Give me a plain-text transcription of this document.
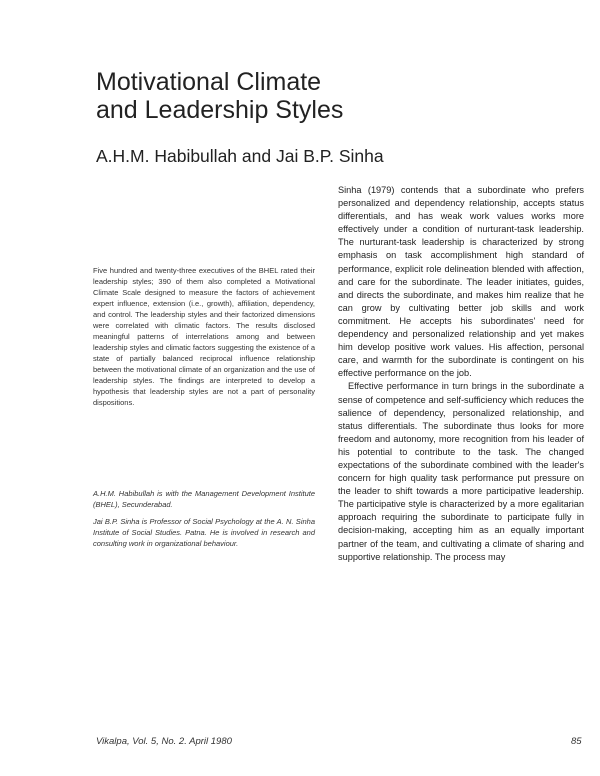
Motivational Climate
and Leadership Styles
A.H.M. Habibullah and Jai B.P. Sinha

Five hundred and twenty-three executives of the BHEL rated their leadership styles; 390 of them also completed a Motivational Climate Scale designed to measure the factors of achievement expert influence, extension (i.e., growth), affiliation, dependency, and control. The leadership styles and their factorized dimensions were correlated with climatic factors. The results disclosed meaningful patterns of interrelations among and between leadership styles and climatic factors suggesting the existence of a state of partially balanced reciprocal influence relationship between the motivational climate of an organization and the use of leadership styles. The findings are interpreted to develop a hypothesis that leadership styles are not a part of personality dispositions.

A.H.M. Habibullah is with the Management Development Institute (BHEL), Secunderabad.

Jai B.P. Sinha is Professor of Social Psychology at the A. N. Sinha Institute of Social Studies. Patna. He is involved in research and consulting work in organizational behaviour.

Sinha (1979) contends that a subordinate who prefers personalized and dependency relationship, accepts status differentials, and has weak work values works more effectively under a condition of nurturant-task leadership. The nurturant-task leadership is characterized by strong emphasis on task accomplishment high standard of performance, explicit role delineation blended with affection, and care for the subordinate. The leader initiates, guides, and directs the subordinate, and makes him realize that he can grow by cultivating better job skills and work commitment. He accepts his subordinates' need for dependency and personalized relationship and yet makes him develop positive work values. His affection, personal care, and warmth for the subordinate is contingent on his effective performance on the job.

Effective performance in turn brings in the subordinate a sense of competence and self-sufficiency which reduces the salience of dependency, personalized relationship, and status differentials. The subordinate thus looks for more freedom and autonomy, more recognition from his leader of his potential to contribute to the task. The changed expectations of the subordinate combined with the leader's concern for high quality task performance put pressure on the leader to shift towards a more participative leadership. The participative style is characterized by a more egalitarian approach requiring the subordinate to participate fully in decision-making, accepting him as an equally important partner of the team, and cultivating a climate of sharing and supportive relationship. The process may

Vikalpa, Vol. 5, No. 2. April 1980	85
